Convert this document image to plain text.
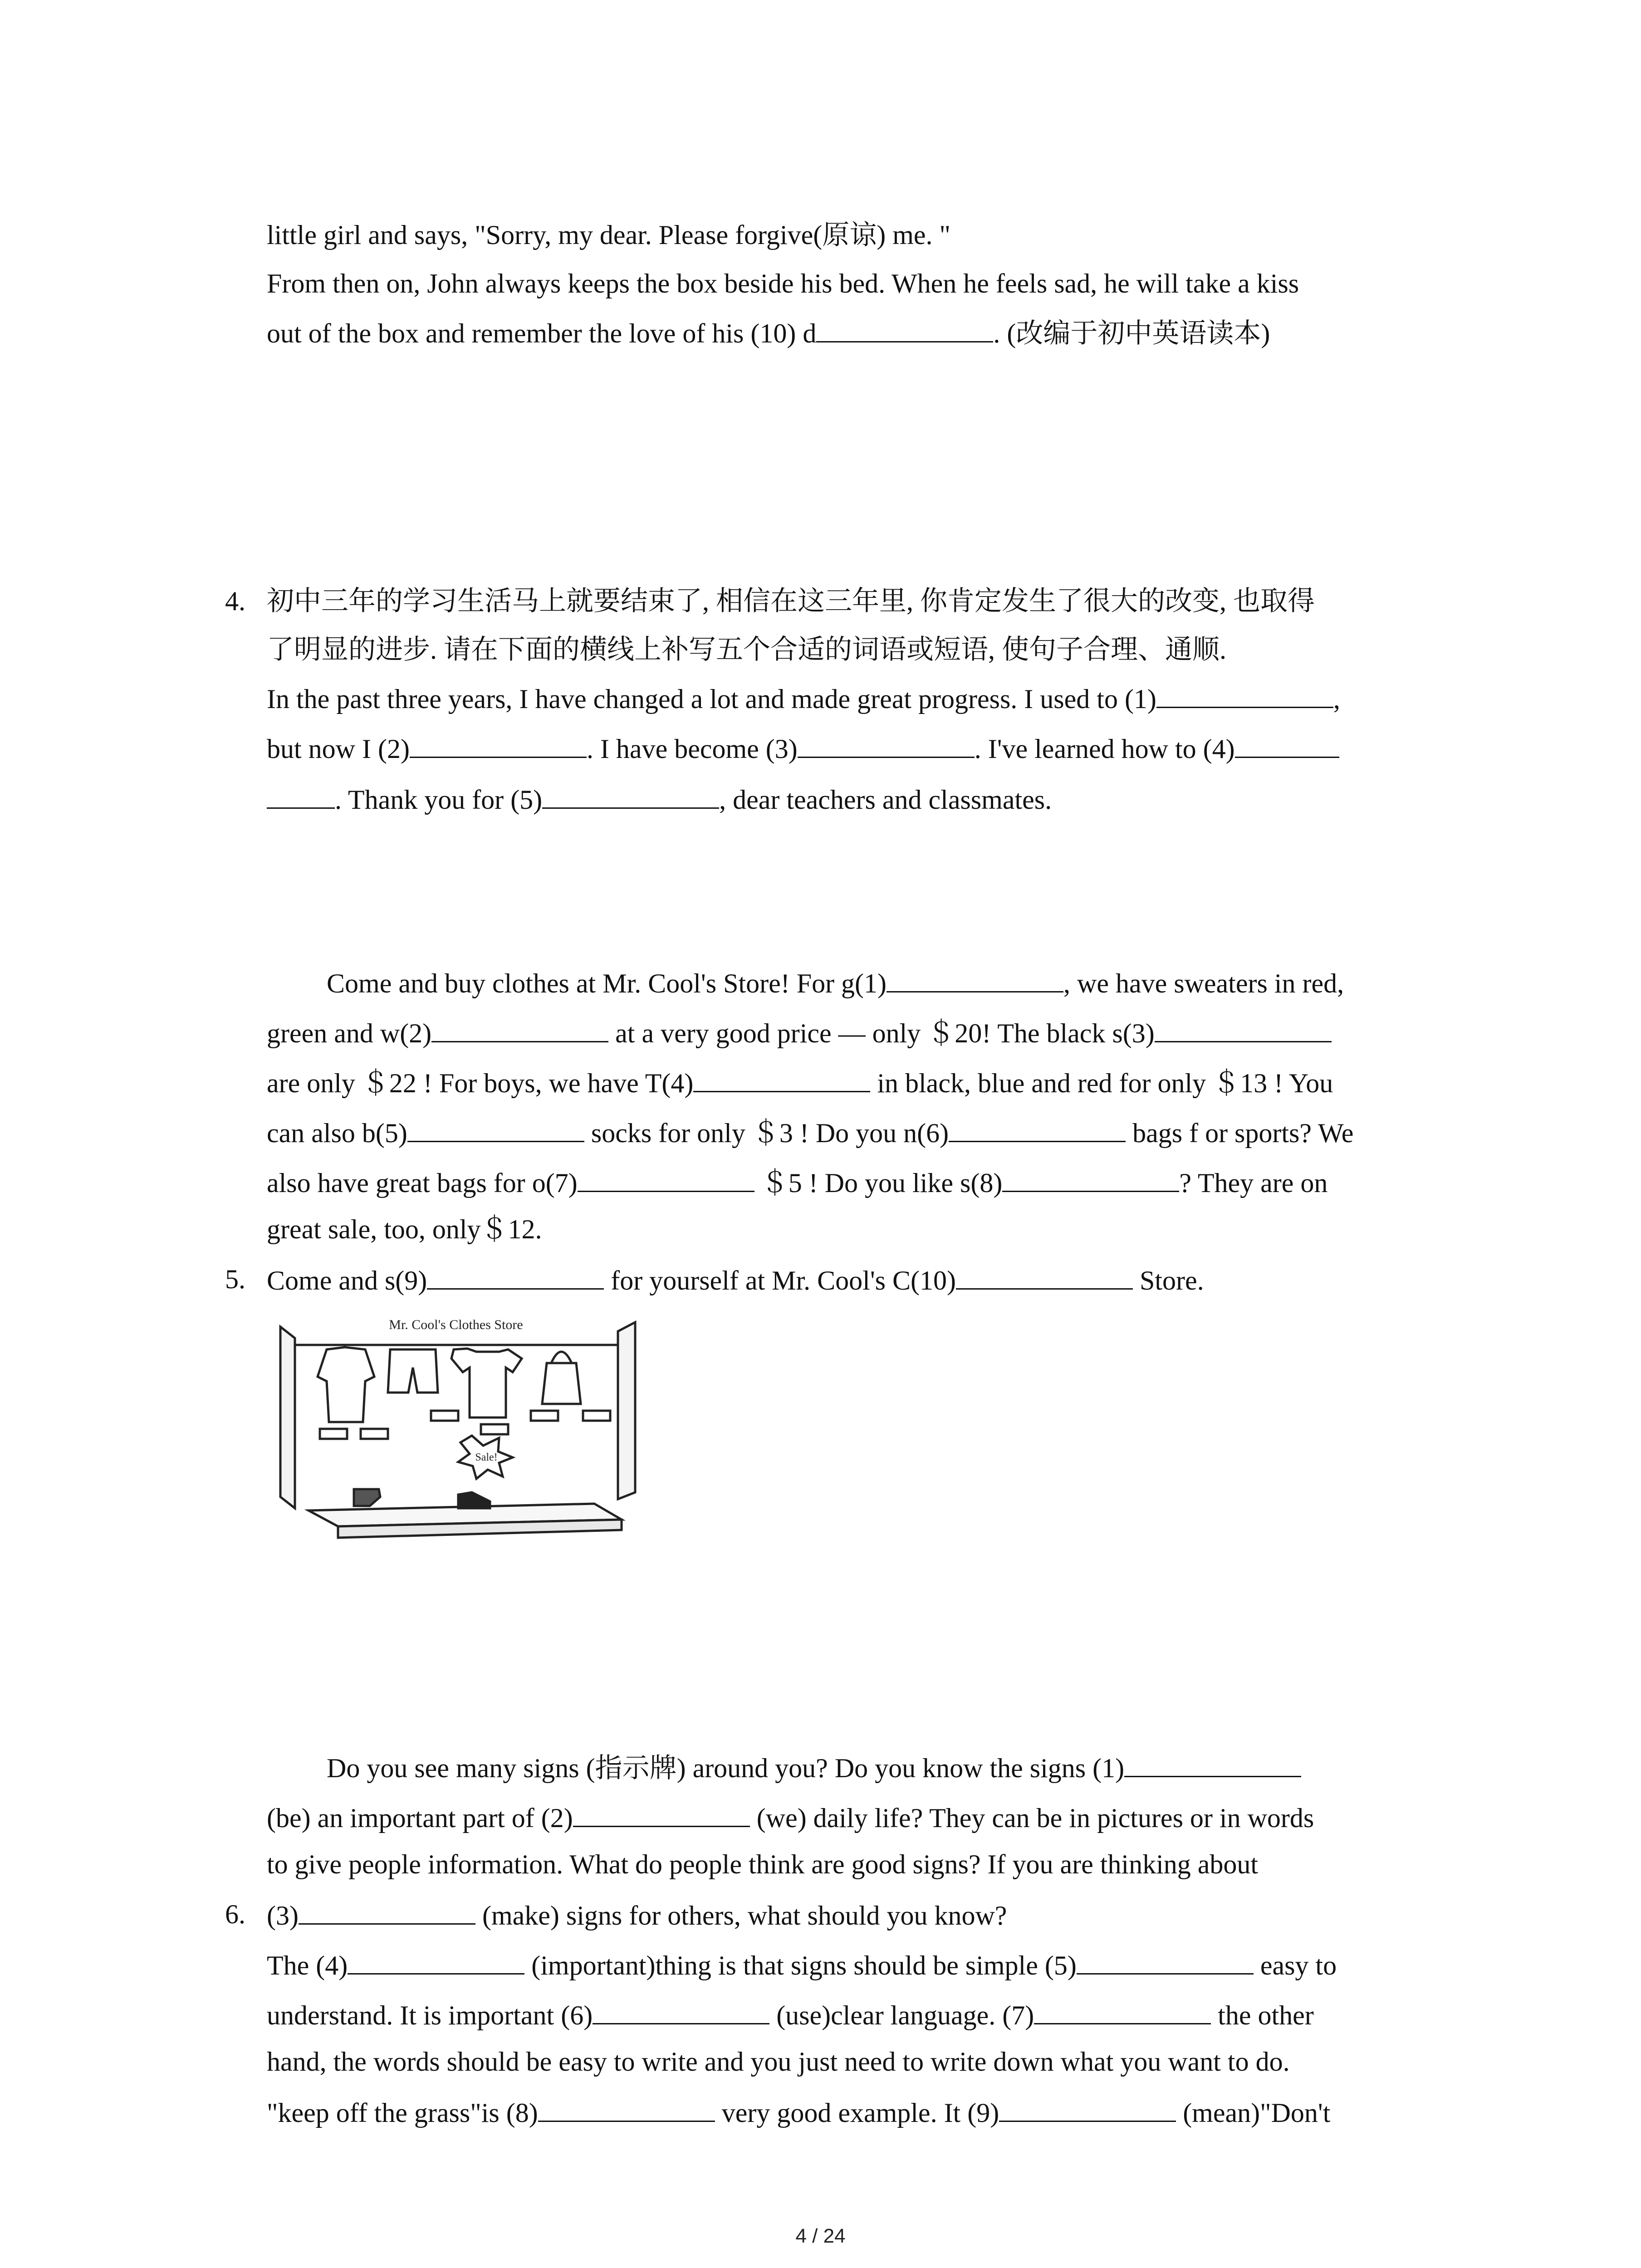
little girl and says, "Sorry, my dear. Please forgive(原谅) me. "
From then on, John always keeps the box beside his bed. When he feels sad, he will take a kiss
out of the box and remember the love of his (10) d	. (改编于初中英语读本)
4. 初中三年的学习生活马上就要结束了, 相信在这三年里, 你肯定发生了很大的改变, 也取得
了明显的进步. 请在下面的横线上补写五个合适的词语或短语, 使句子合理、通顺.
In the past three years, I have changed a lot and made great progress. I used to (1)	,
but now I (2)	. I have become (3)	. I've learned how to (4)
. Thank you for (5)	, dear teachers and classmates.
Come and buy clothes at Mr. Cool's Store! For g(1)	, we have sweaters in red,
green and w(2)	at a very good price — only ＄20! The black s(3)
are only ＄22 ! For boys, we have T(4)	in black, blue and red for only ＄13 ! You
can also b(5)	socks for only ＄3 ! Do you n(6)	bags f or sports? We
also have great bags for o(7)	＄5 ! Do you like s(8)	? They are on
great sale, too, only＄12.
5. Come and s(9)	for yourself at Mr. Cool's C(10)	Store.
Mr. Cool's Clothes Store
Sale!
Do you see many signs (指示牌) around you? Do you know the signs (1)
(be) an important part of (2)	(we) daily life? They can be in pictures or in words
to give people information. What do people think are good signs? If you are thinking about
6. (3)	(make) signs for others, what should you know?
The (4)	(important)thing is that signs should be simple (5)	easy to
understand. It is important (6)	(use)clear language. (7)	the other
hand, the words should be easy to write and you just need to write down what you want to do.
"keep off the grass"is (8)	very good example. It (9)	(mean)"Don't
4 / 24
